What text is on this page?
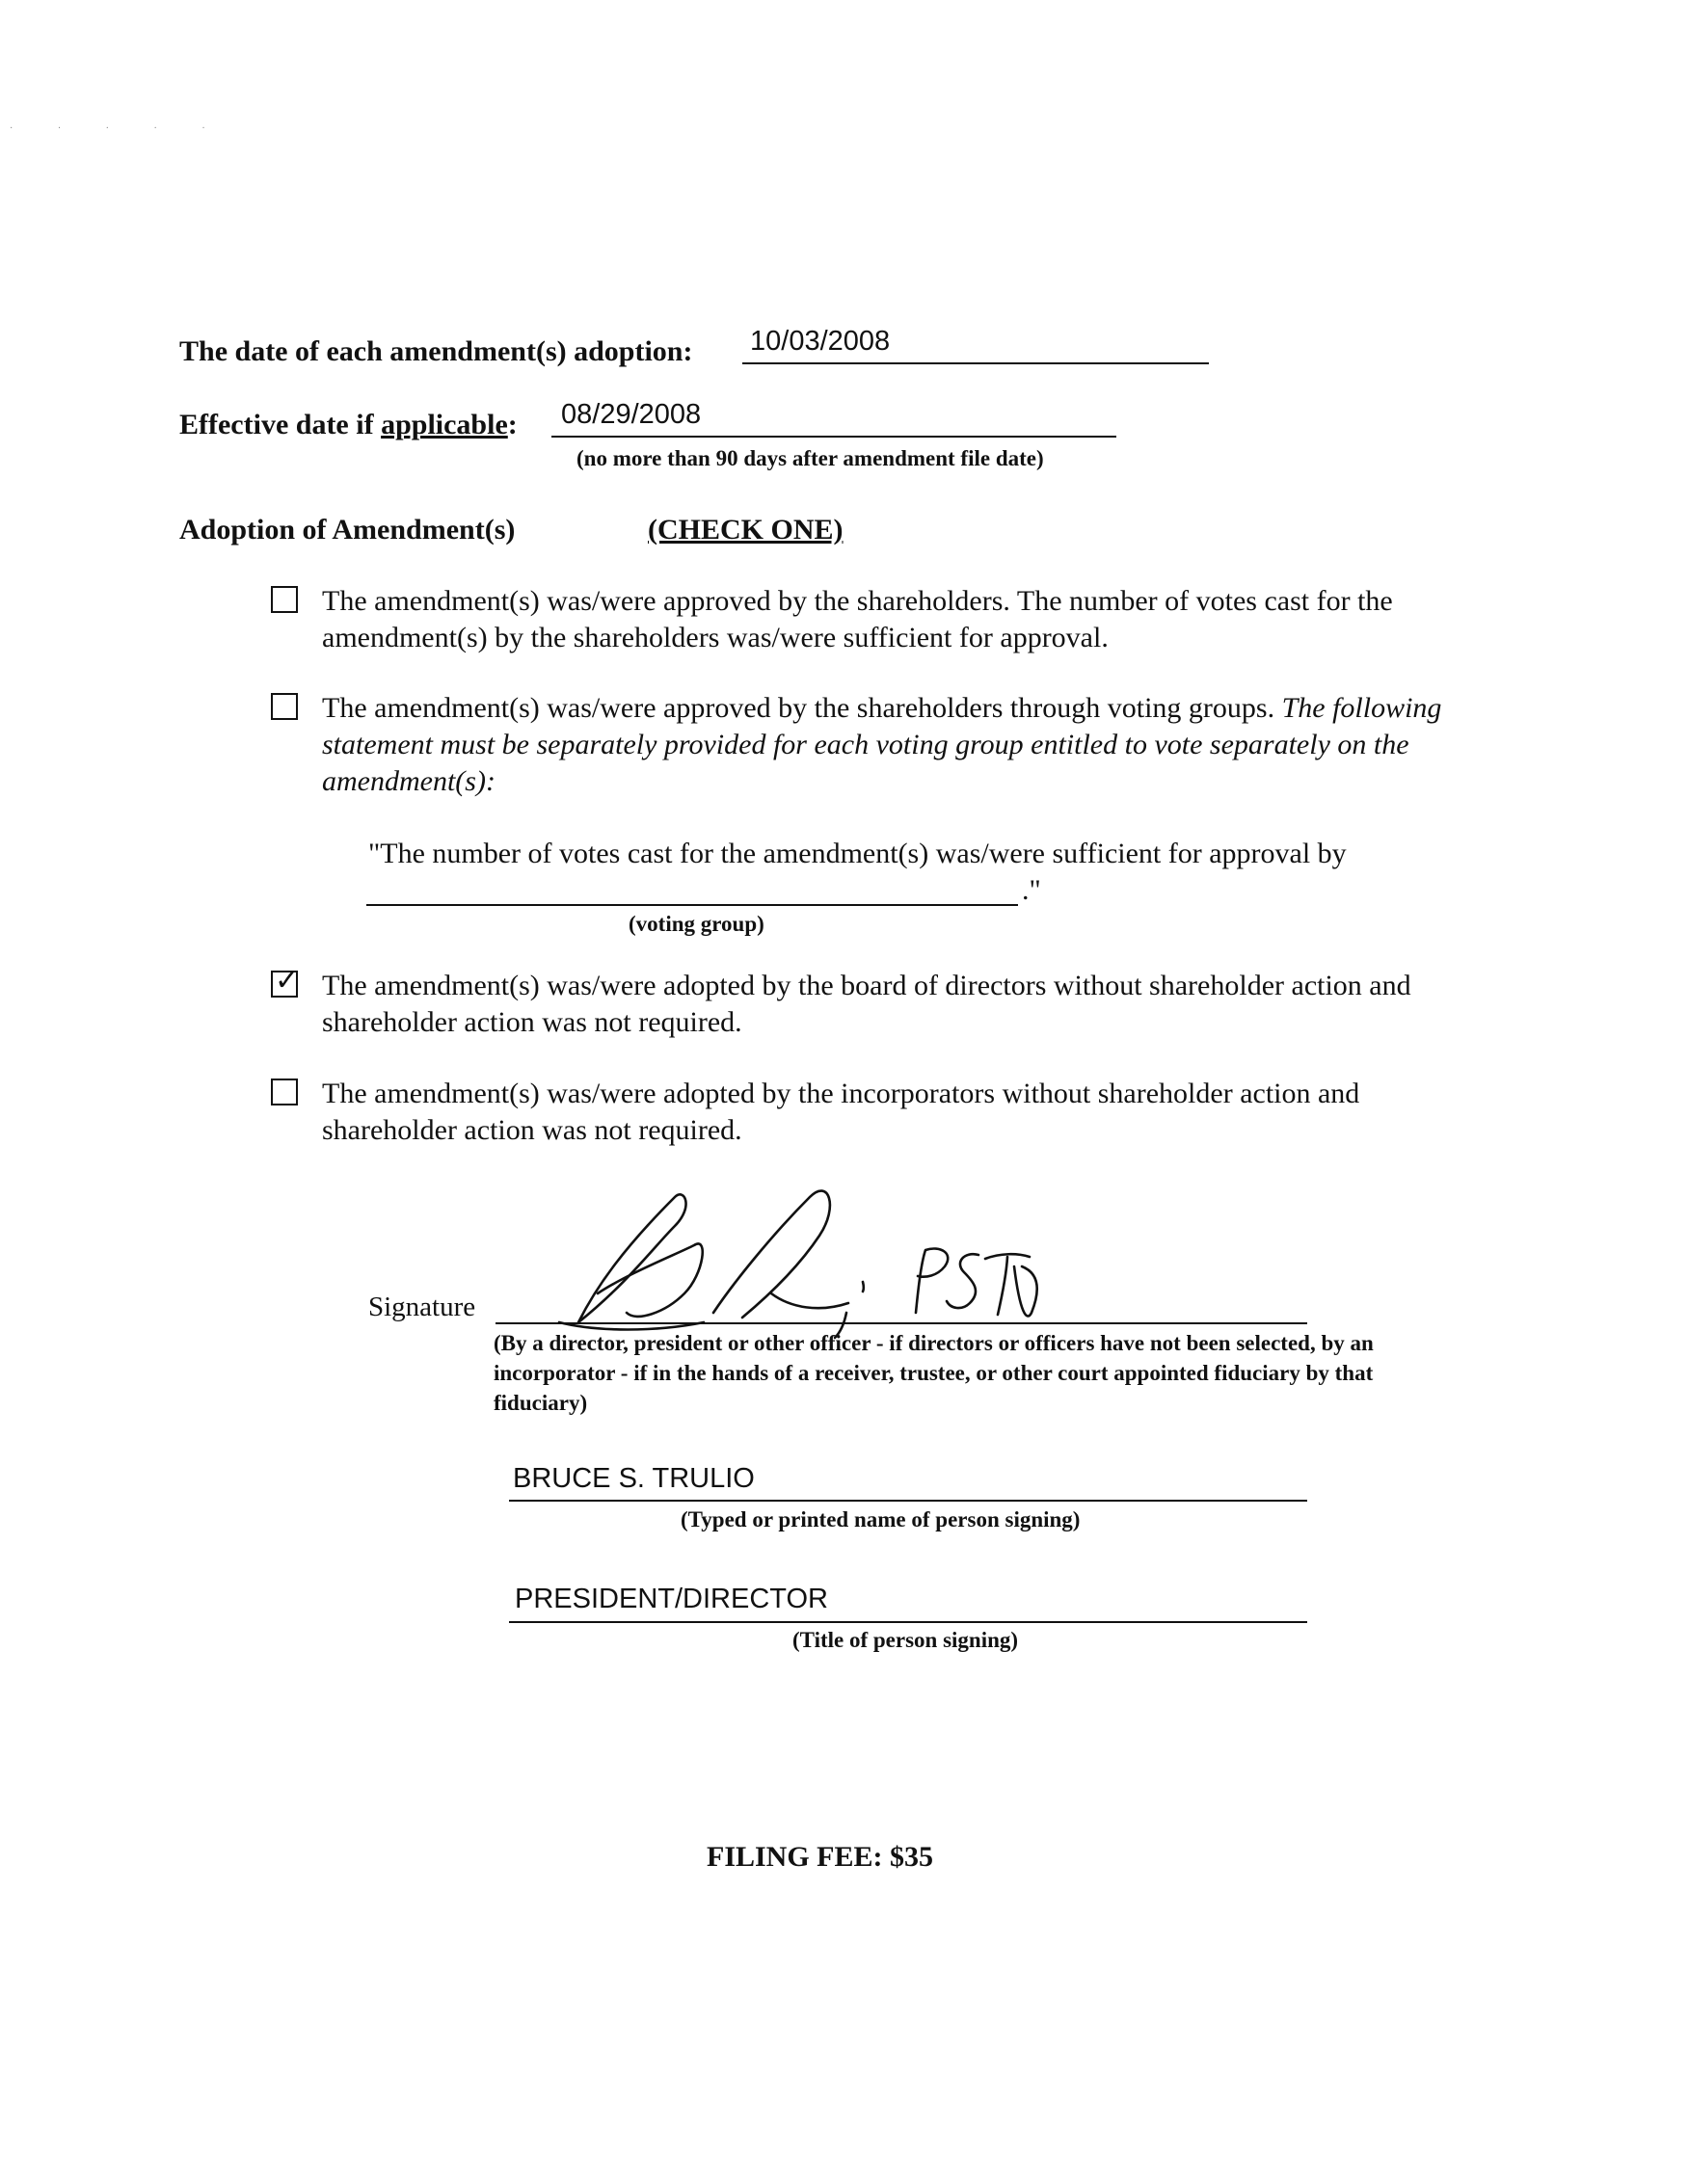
· · · · ·
The date of each amendment(s) adoption: 10/03/2008
Effective date if applicable: 08/29/2008
(no more than 90 days after amendment file date)
Adoption of Amendment(s)	(CHECK ONE)
The amendment(s) was/were approved by the shareholders. The number of votes cast for the amendment(s) by the shareholders was/were sufficient for approval.
The amendment(s) was/were approved by the shareholders through voting groups. The following statement must be separately provided for each voting group entitled to vote separately on the amendment(s):
"The number of votes cast for the amendment(s) was/were sufficient for approval by
."
(voting group)
✓ The amendment(s) was/were adopted by the board of directors without shareholder action and shareholder action was not required.
The amendment(s) was/were adopted by the incorporators without shareholder action and shareholder action was not required.
Signature
(By a director, president or other officer - if directors or officers have not been selected, by an incorporator - if in the hands of a receiver, trustee, or other court appointed fiduciary by that fiduciary)
BRUCE S. TRULIO
(Typed or printed name of person signing)
PRESIDENT/DIRECTOR
(Title of person signing)
FILING FEE: $35
